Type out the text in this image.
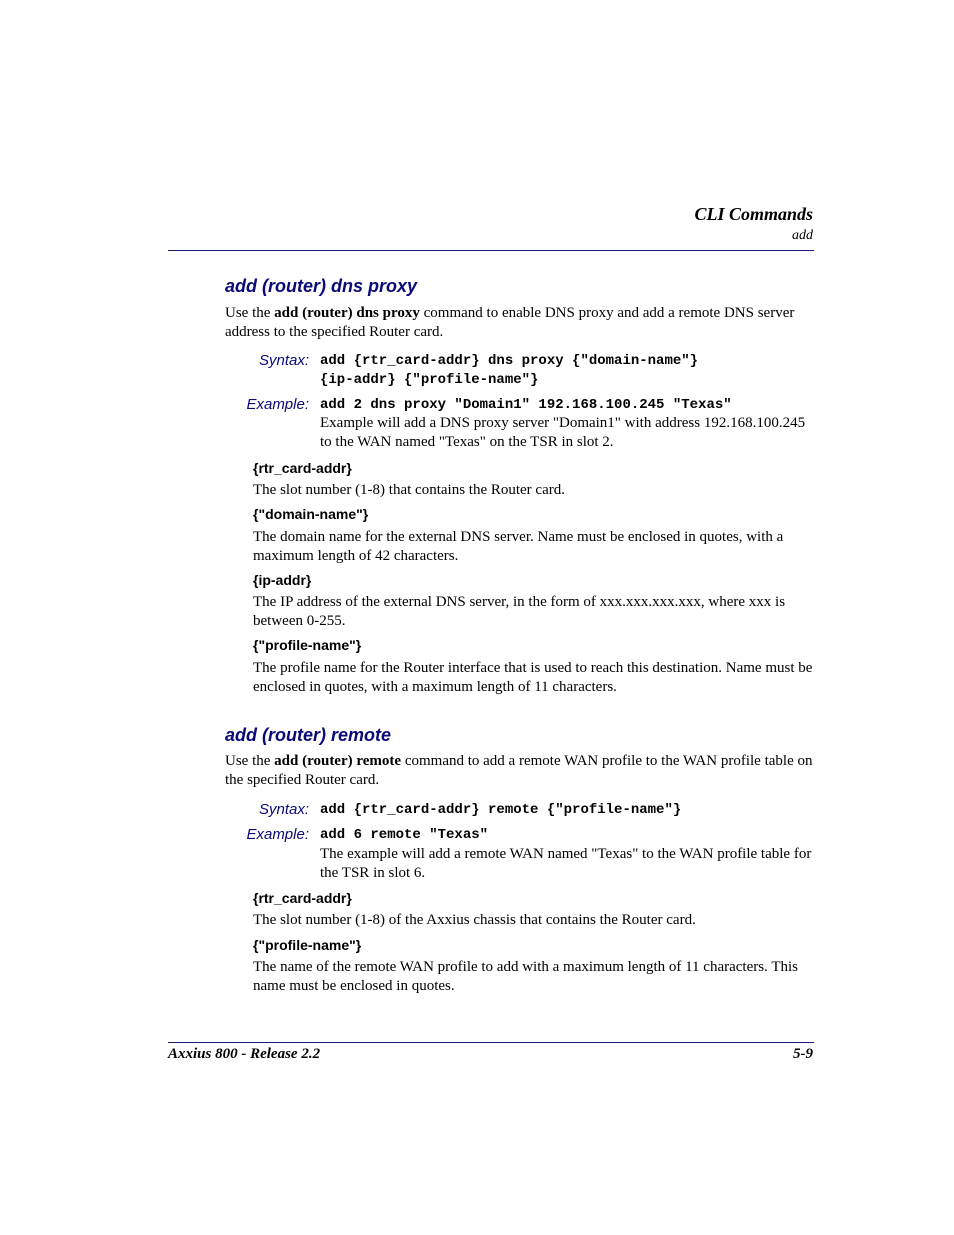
CLI Commands
add
add (router) dns proxy
Use the add (router) dns proxy command to enable DNS proxy and add a remote DNS server address to the specified Router card.
Syntax: add {rtr_card-addr} dns proxy {"domain-name"}
{ip-addr} {"profile-name"}
Example: add 2 dns proxy "Domain1" 192.168.100.245 "Texas"
Example will add a DNS proxy server "Domain1" with address 192.168.100.245 to the WAN named "Texas" on the TSR in slot 2.
{rtr_card-addr}
The slot number (1-8) that contains the Router card.
{"domain-name"}
The domain name for the external DNS server. Name must be enclosed in quotes, with a maximum length of 42 characters.
{ip-addr}
The IP address of the external DNS server, in the form of xxx.xxx.xxx.xxx, where xxx is between 0-255.
{"profile-name"}
The profile name for the Router interface that is used to reach this destination. Name must be enclosed in quotes, with a maximum length of 11 characters.
add (router) remote
Use the add (router) remote command to add a remote WAN profile to the WAN profile table on the specified Router card.
Syntax: add {rtr_card-addr} remote {"profile-name"}
Example: add 6 remote "Texas"
The example will add a remote WAN named "Texas" to the WAN profile table for the TSR in slot 6.
{rtr_card-addr}
The slot number (1-8) of the Axxius chassis that contains the Router card.
{"profile-name"}
The name of the remote WAN profile to add with a maximum length of 11 characters. This name must be enclosed in quotes.
Axxius 800 - Release 2.2	5-9
